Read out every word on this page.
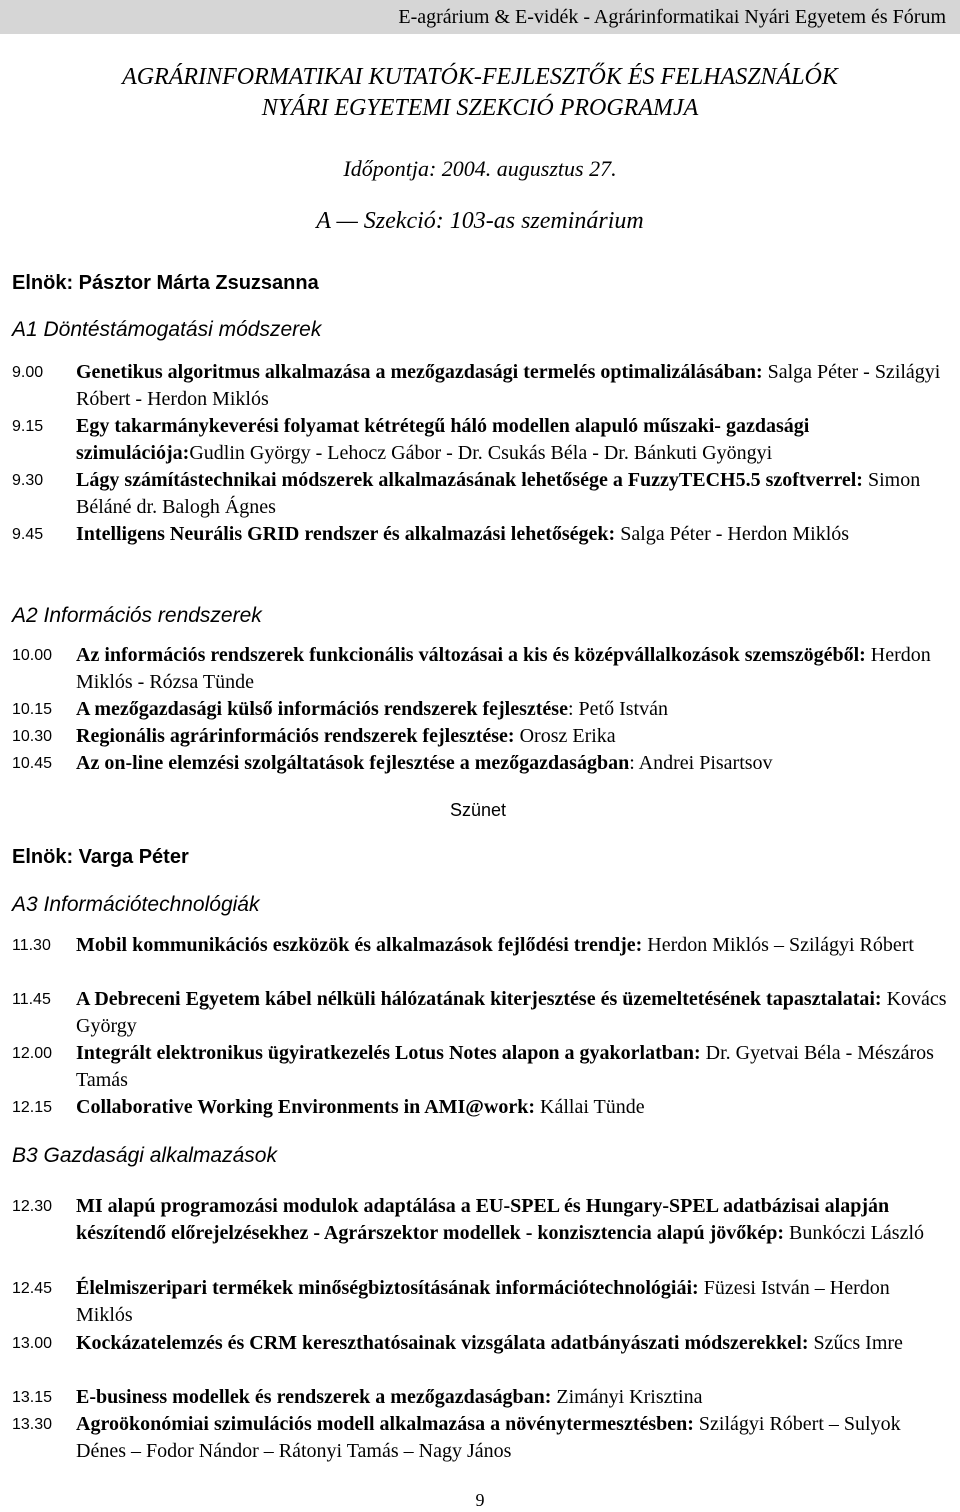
E-agrárium & E-vidék - Agrárinformatikai Nyári Egyetem és Fórum
AGRÁRINFORMATIKAI KUTATÓK-FEJLESZTŐK ÉS FELHASZNÁLÓK
NYÁRI EGYETEMI SZEKCIÓ PROGRAMJA
Időpontja: 2004. augusztus 27.
A — Szekció: 103-as szeminárium
Elnök: Pásztor Márta Zsuzsanna
A1 Döntéstámogatási módszerek
9.00 Genetikus algoritmus alkalmazása a mezőgazdasági termelés optimalizálásában: Salga Péter - Szilágyi Róbert - Herdon Miklós
9.15 Egy takarmánykeverési folyamat kétrétegű háló modellen alapuló műszaki- gazdasági szimulációja:Gudlin György - Lehocz Gábor - Dr. Csukás Béla - Dr. Bánkuti Gyöngyi
9.30 Lágy számítástechnikai módszerek alkalmazásának lehetősége a FuzzyTECH5.5 szoftverrel: Simon Béláné dr. Balogh Ágnes
9.45 Intelligens Neurális GRID rendszer és alkalmazási lehetőségek: Salga Péter - Herdon Miklós
A2 Információs rendszerek
10.00 Az információs rendszerek funkcionális változásai a kis és középvállalkozások szemszögéből: Herdon Miklós - Rózsa Tünde
10.15 A mezőgazdasági külső információs rendszerek fejlesztése: Pető István
10.30 Regionális agrárinformációs rendszerek fejlesztése: Orosz Erika
10.45 Az on-line elemzési szolgáltatások fejlesztése a mezőgazdaságban: Andrei Pisartsov
Szünet
Elnök: Varga Péter
A3 Információtechnológiák
11.30 Mobil kommunikációs eszközök és alkalmazások fejlődési trendje: Herdon Miklós – Szilágyi Róbert
11.45 A Debreceni Egyetem kábel nélküli hálózatának kiterjesztése és üzemeltetésének tapasztalatai: Kovács György
12.00 Integrált elektronikus ügyiratkezelés Lotus Notes alapon a gyakorlatban: Dr. Gyetvai Béla - Mészáros Tamás
12.15 Collaborative Working Environments in AMI@work: Kállai Tünde
B3 Gazdasági alkalmazások
12.30 MI alapú programozási modulok adaptálása a EU-SPEL és Hungary-SPEL adatbázisai alapján készítendő előrejelzésekhez - Agrárszektor modellek - konzisztencia alapú jövőkép: Bunkóczi László
12.45 Élelmiszeripari termékek minőségbiztosításának információtechnológiái: Füzesi István – Herdon Miklós
13.00 Kockázatelemzés és CRM kereszthatósainak vizsgálata adatbányászati módszerekkel: Szűcs Imre
13.15 E-business modellek és rendszerek a mezőgazdaságban: Zimányi Krisztina
13.30 Agroökonómiai szimulációs modell alkalmazása a növénytermesztésben: Szilágyi Róbert – Sulyok Dénes – Fodor Nándor – Rátonyi Tamás – Nagy János
9
